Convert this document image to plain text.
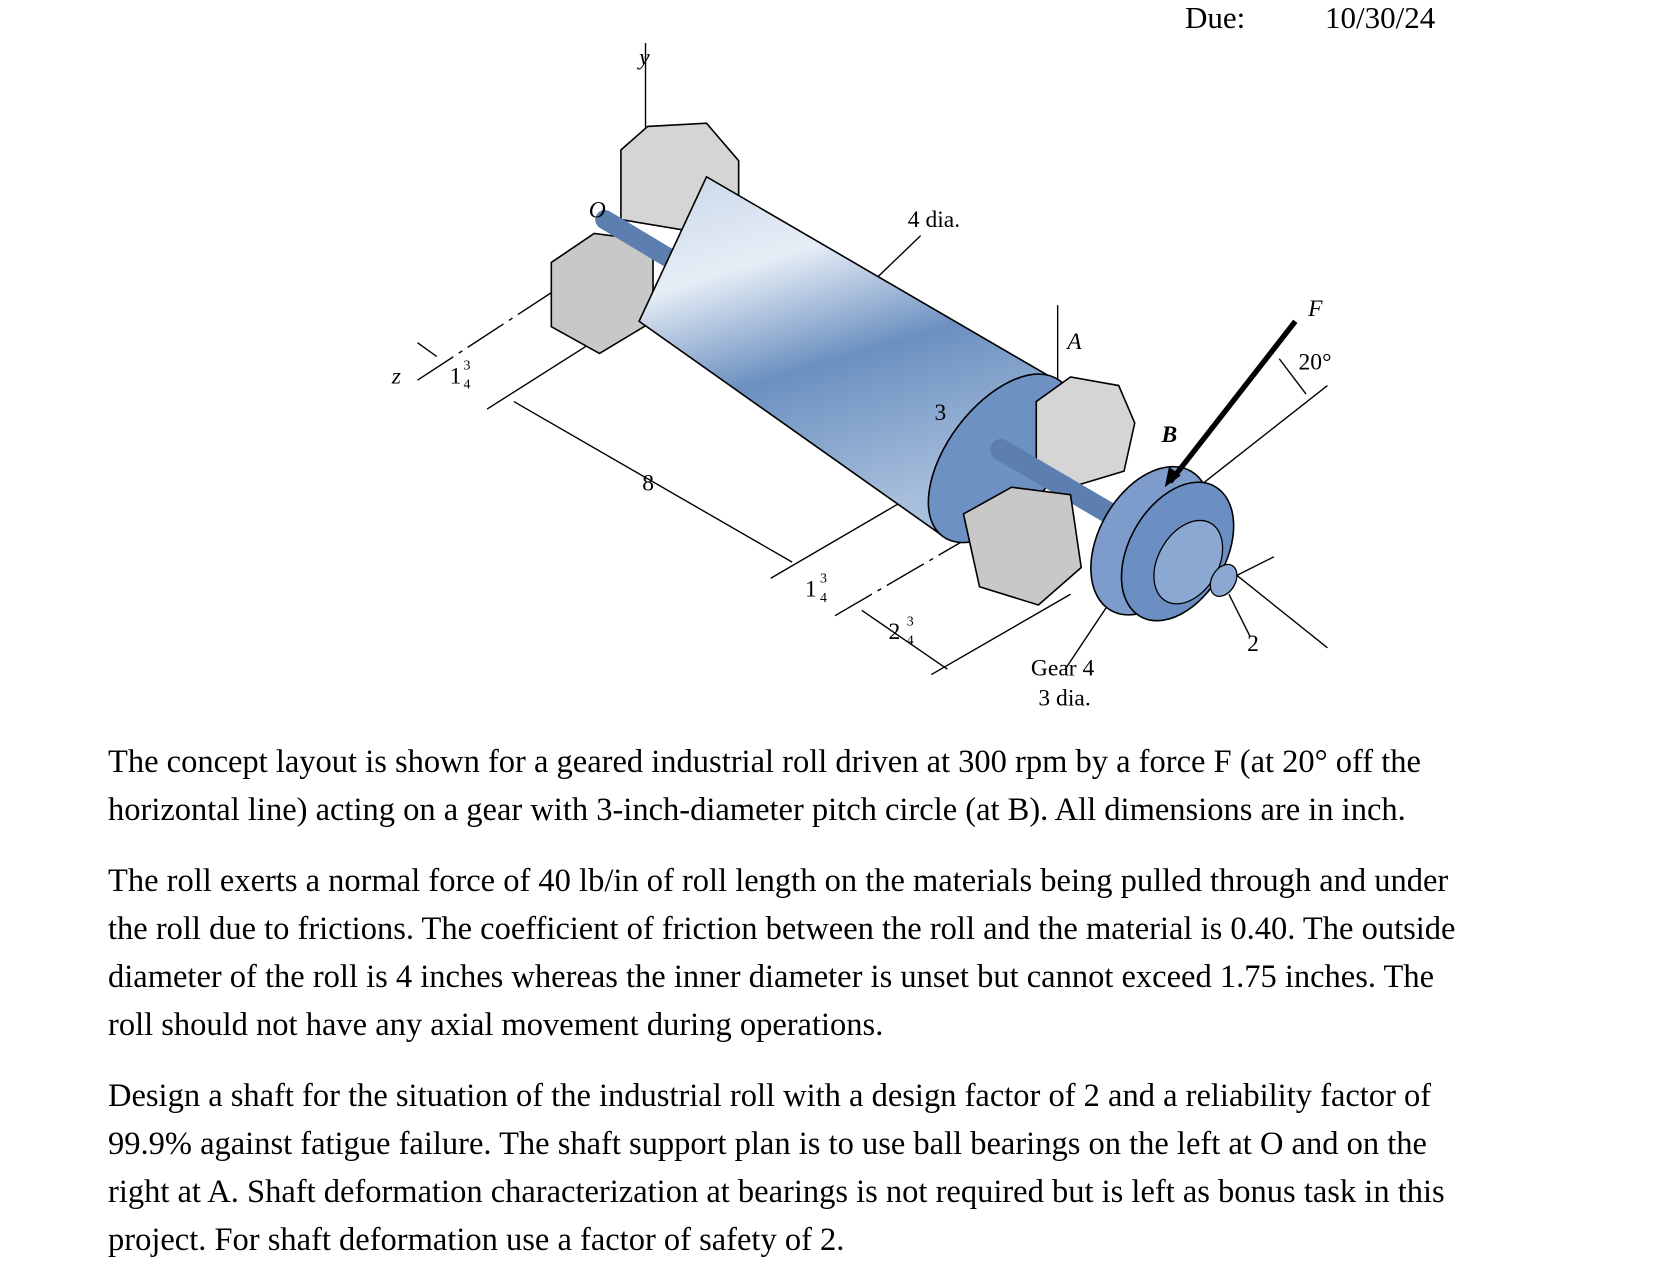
Due:	10/30/24
y
z
O
A
B
F
4 dia.
20°
8
3
2
Gear 4
3 dia.
1 3
4
1 3
4
2 3
4

The concept layout is shown for a geared industrial roll driven at 300 rpm by a force F (at 20° off the

horizontal line) acting on a gear with 3-inch-diameter pitch circle (at B). All dimensions are in inch.

The roll exerts a normal force of 40 lb/in of roll length on the materials being pulled through and under

the roll due to frictions. The coefficient of friction between the roll and the material is 0.40. The outside

diameter of the roll is 4 inches whereas the inner diameter is unset but cannot exceed 1.75 inches. The

roll should not have any axial movement during operations.

Design a shaft for the situation of the industrial roll with a design factor of 2 and a reliability factor of

99.9% against fatigue failure. The shaft support plan is to use ball bearings on the left at O and on the

right at A. Shaft deformation characterization at bearings is not required but is left as bonus task in this

project. For shaft deformation use a factor of safety of 2.
